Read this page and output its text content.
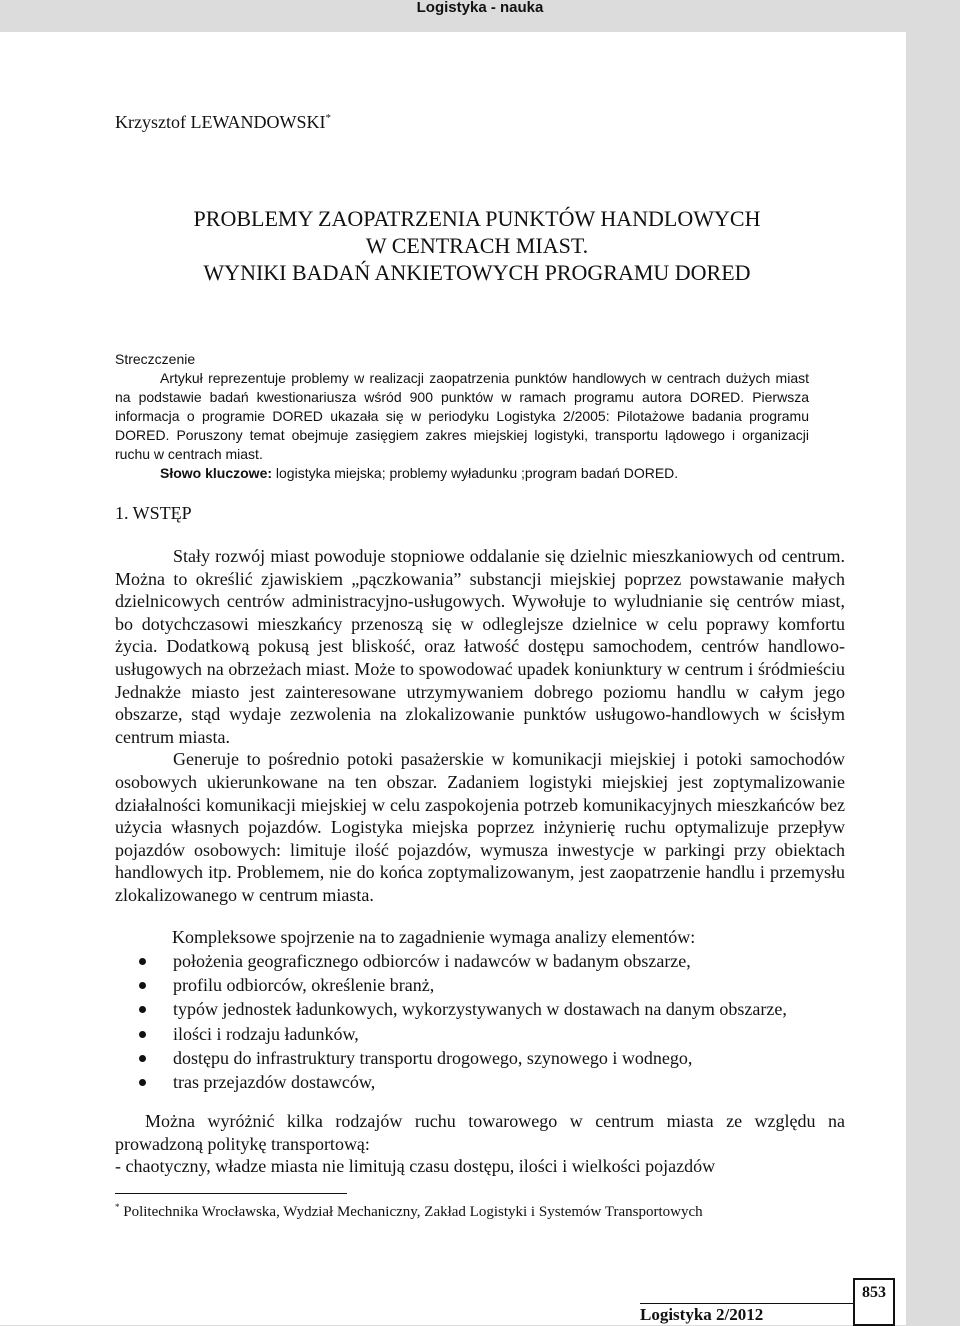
Logistyka - nauka
Krzysztof LEWANDOWSKI*
PROBLEMY ZAOPATRZENIA PUNKTÓW HANDLOWYCH
W CENTRACH MIAST.
WYNIKI BADAŃ ANKIETOWYCH PROGRAMU DORED
Streczczenie

Artykuł reprezentuje problemy w realizacji zaopatrzenia punktów handlowych w centrach dużych miast na podstawie badań kwestionariusza wśród 900 punktów w ramach programu autora DORED. Pierwsza informacja o programie DORED ukazała się w periodyku Logistyka 2/2005: Pilotażowe badania programu DORED. Poruszony temat obejmuje zasięgiem zakres miejskiej logistyki, transportu lądowego i organizacji ruchu w centrach miast.

Słowo kluczowe: logistyka miejska; problemy wyładunku ;program badań DORED.

1. WSTĘP

Stały rozwój miast powoduje stopniowe oddalanie się dzielnic mieszkaniowych od centrum. Można to określić zjawiskiem „pączkowania” substancji miejskiej poprzez powstawanie małych dzielnicowych centrów administracyjno-usługowych. Wywołuje to wyludnianie się centrów miast, bo dotychczasowi mieszkańcy przenoszą się w odleglejsze dzielnice w celu poprawy komfortu życia. Dodatkową pokusą jest bliskość, oraz łatwość dostępu samochodem, centrów handlowo-usługowych na obrzeżach miast. Może to spowodować upadek koniunktury w centrum i śródmieściu Jednakże miasto jest zainteresowane utrzymywaniem dobrego poziomu handlu w całym jego obszarze, stąd wydaje zezwolenia na zlokalizowanie punktów usługowo-handlowych w ścisłym centrum miasta.

Generuje to pośrednio potoki pasażerskie w komunikacji miejskiej i potoki samochodów osobowych ukierunkowane na ten obszar. Zadaniem logistyki miejskiej jest zoptymalizowanie działalności komunikacji miejskiej w celu zaspokojenia potrzeb komunikacyjnych mieszkańców bez użycia własnych pojazdów. Logistyka miejska poprzez inżynierię ruchu optymalizuje przepływ pojazdów osobowych: limituje ilość pojazdów, wymusza inwestycje w parkingi przy obiektach handlowych itp. Problemem, nie do końca zoptymalizowanym, jest zaopatrzenie handlu i przemysłu zlokalizowanego w centrum miasta.

Kompleksowe spojrzenie na to zagadnienie wymaga analizy elementów:
położenia geograficznego odbiorców i nadawców w badanym obszarze,
profilu odbiorców, określenie branż,
typów jednostek ładunkowych, wykorzystywanych w dostawach na danym obszarze,
ilości i rodzaju ładunków,
dostępu do infrastruktury transportu drogowego, szynowego i wodnego,
tras przejazdów dostawców,

Można wyróżnić kilka rodzajów ruchu towarowego w centrum miasta ze względu na prowadzoną politykę transportową:

- chaotyczny, władze miasta nie limitują czasu dostępu, ilości i wielkości pojazdów

* Politechnika Wrocławska, Wydział Mechaniczny, Zakład Logistyki i Systemów Transportowych
Logistyka 2/2012
853
